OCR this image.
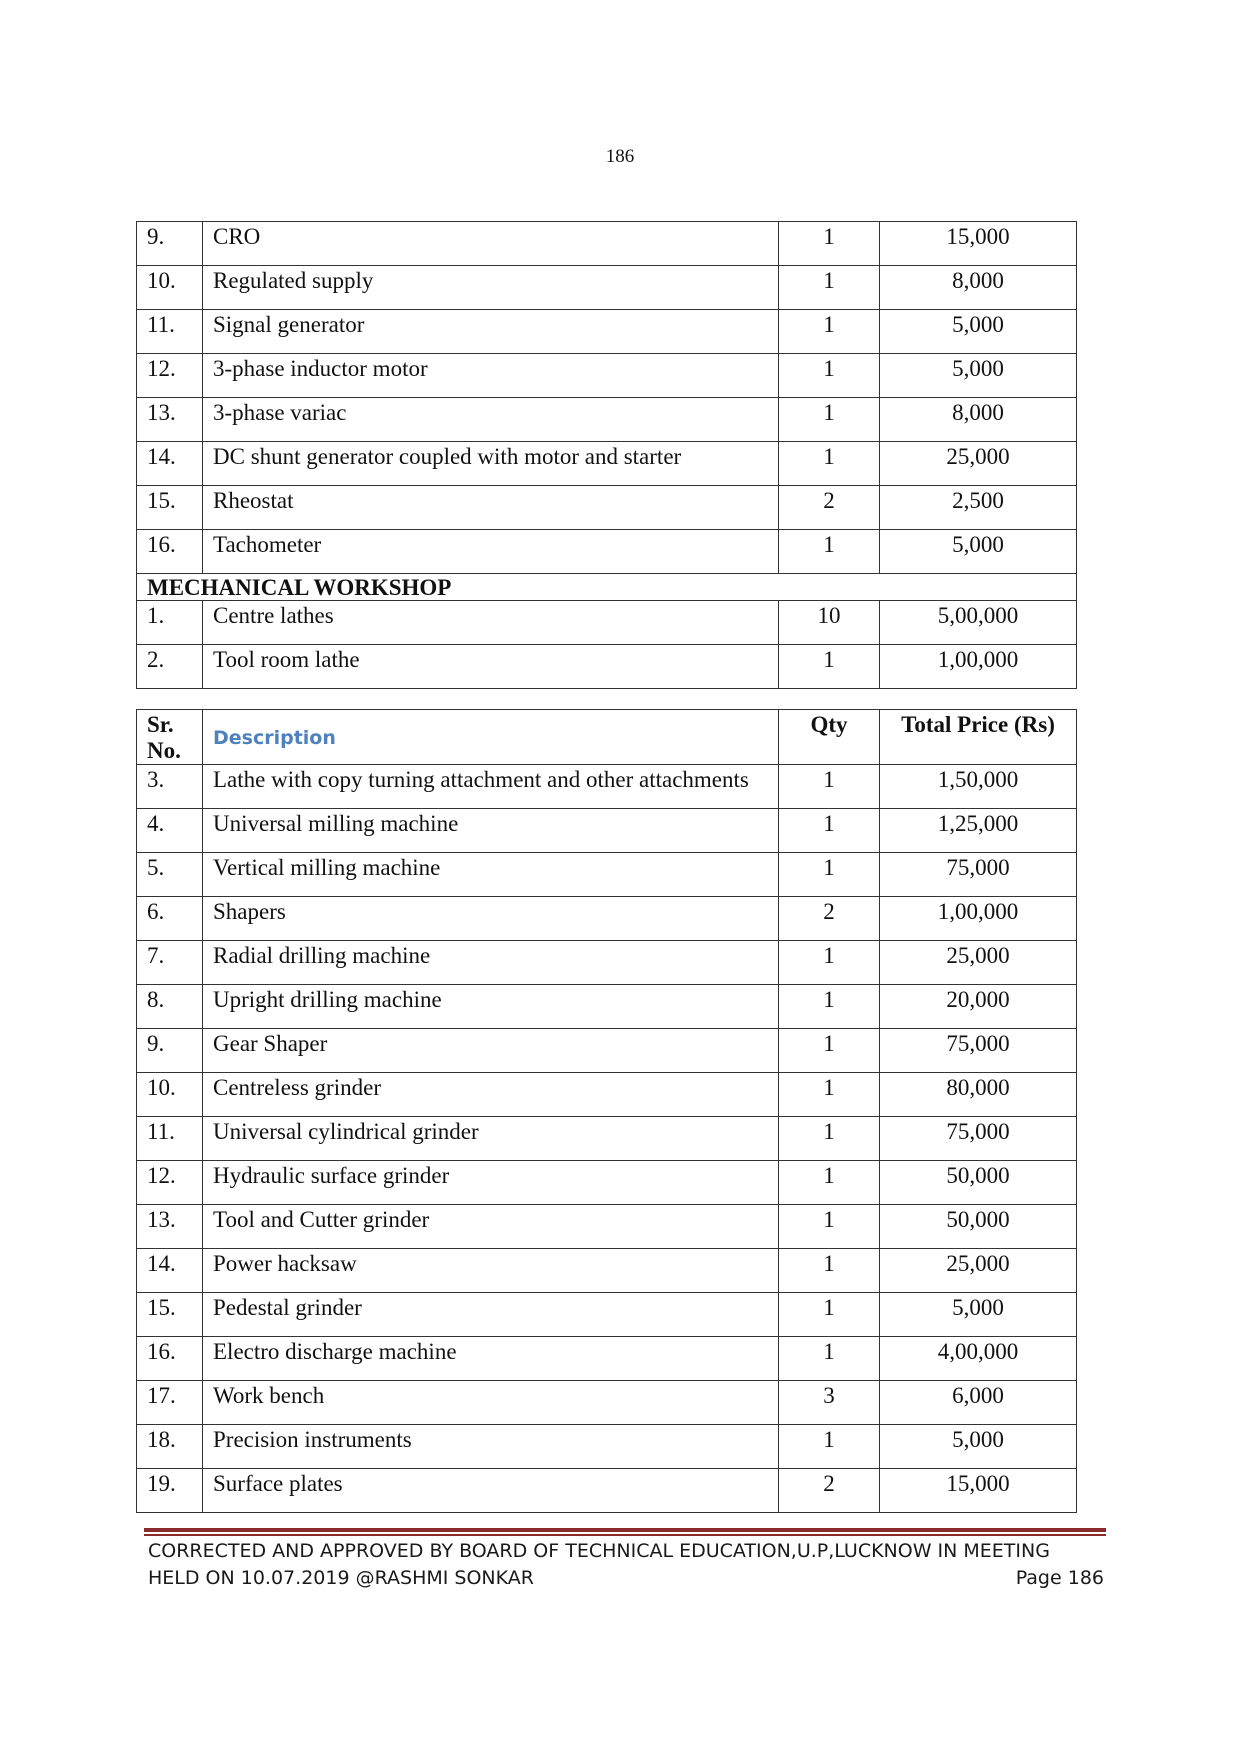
186
9.	CRO	1	15,000
10.	Regulated supply	1	8,000
11.	Signal generator	1	5,000
12.	3-phase inductor motor	1	5,000
13.	3-phase variac	1	8,000
14.	DC shunt generator coupled with motor and starter	1	25,000
15.	Rheostat	2	2,500
16.	Tachometer	1	5,000
MECHANICAL WORKSHOP			
1.	Centre lathes	10	5,00,000
2.	Tool room lathe	1	1,00,000
Sr. No.	Description	Qty	Total Price (Rs)
3.	Lathe with copy turning attachment and other attachments	1	1,50,000
4.	Universal milling machine	1	1,25,000
5.	Vertical milling machine	1	75,000
6.	Shapers	2	1,00,000
7.	Radial drilling machine	1	25,000
8.	Upright drilling machine	1	20,000
9.	Gear Shaper	1	75,000
10.	Centreless grinder	1	80,000
11.	Universal cylindrical grinder	1	75,000
12.	Hydraulic surface grinder	1	50,000
13.	Tool and Cutter grinder	1	50,000
14.	Power hacksaw	1	25,000
15.	Pedestal grinder	1	5,000
16.	Electro discharge machine	1	4,00,000
17.	Work bench	3	6,000
18.	Precision instruments	1	5,000
19.	Surface plates	2	15,000
CORRECTED AND APPROVED BY BOARD OF TECHNICAL EDUCATION,U.P,LUCKNOW IN MEETING
HELD ON 10.07.2019 @RASHMI SONKAR	Page 186
